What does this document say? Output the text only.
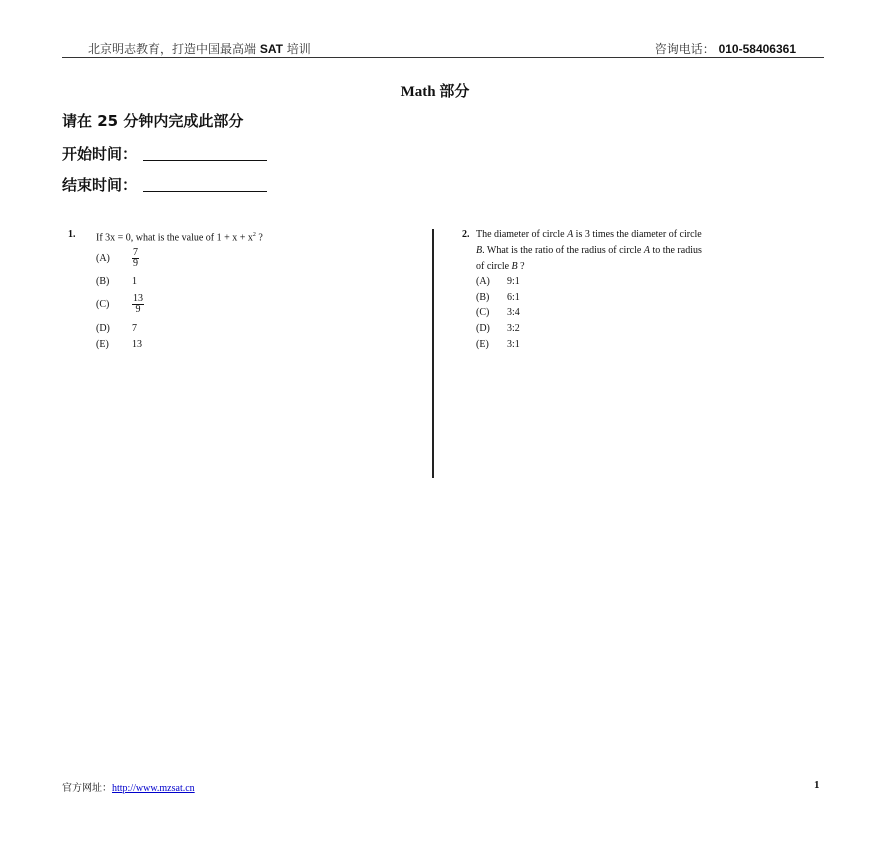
北京明志教育，打造中国最高端 SAT 培训	咨询电话： 010-58406361
Math 部分
请在 25 分钟内完成此部分
开始时间：
结束时间：
1. If 3x = 0, what is the value of $1 + x + x^2$ ?
$(A) \frac{7}{9}$
(B) 1
$(C) \frac{13}{9}$
(D) 7
(E) 13
2. The diameter of circle A is 3 times the diameter of circle
B. What is the ratio of the radius of circle A to the radius
of circle B ?
(A) 9:1
(B) 6:1
(C) 3:4
(D) 3:2
(E) 3:1
官方网址：http://www.mzsat.cn	1
